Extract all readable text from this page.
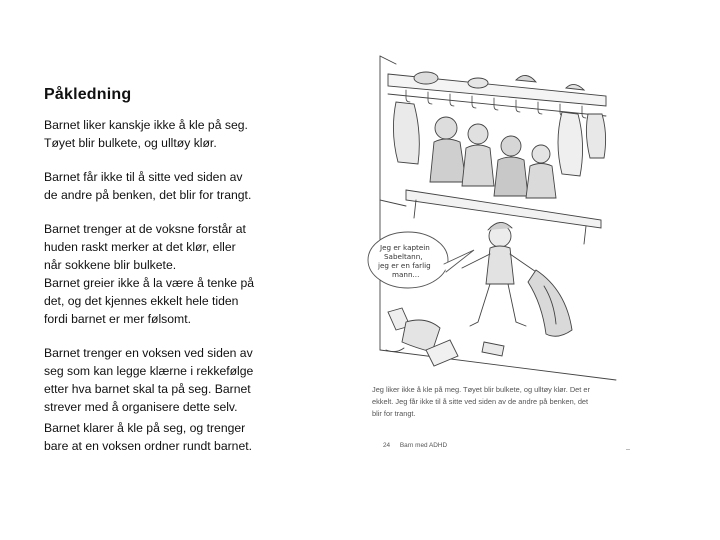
Påkledning

Barnet liker kanskje ikke å kle på seg.
Tøyet blir bulkete, og ulltøy klør.

Barnet får ikke til å sitte ved siden av
de andre på benken, det blir for trangt.

Barnet trenger at de voksne forstår at
huden raskt merker at det klør, eller
når sokkene blir bulkete.

Barnet greier ikke å la være å tenke på
det, og det kjennes ekkelt hele tiden
fordi barnet er mer følsomt.

Barnet trenger en voksen ved siden av
seg som kan legge klærne i rekkefølge
etter hva barnet skal ta på seg. Barnet
strever med å organisere dette selv.

Barnet klarer å kle på seg, og trenger
bare at en voksen ordner rundt barnet.

Jeg er kaptein
Sabeltann,
jeg er en farlig
mann...
Jeg liker ikke å kle på meg. Tøyet blir bulkete, og ulltøy klør. Det er
ekkelt. Jeg får ikke til å sitte ved siden av de andre på benken, det
blir for trangt.
24 Barn med ADHD
